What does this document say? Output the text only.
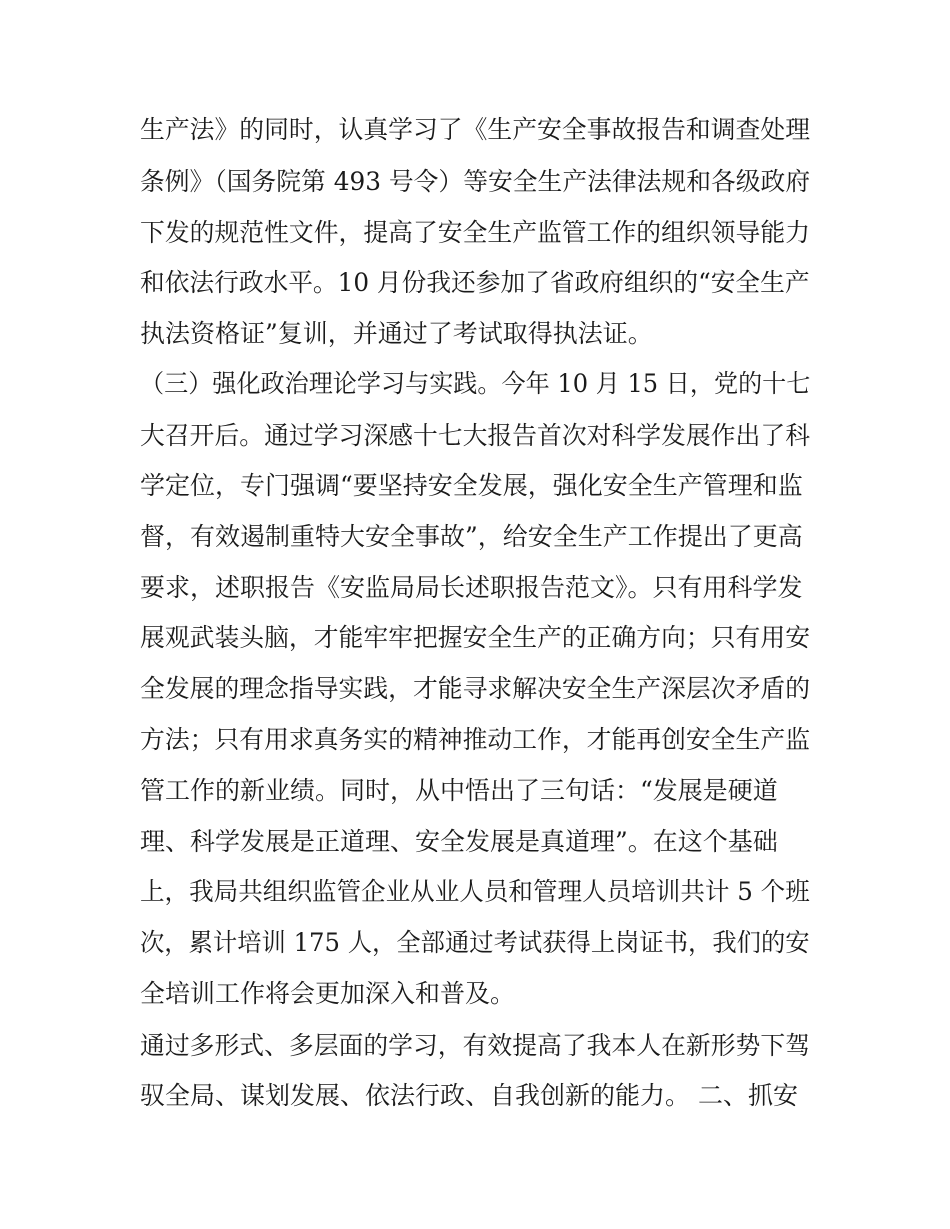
生产法》的同时，认真学习了《生产安全事故报告和调查处理

条例》（国务院第 493 号令）等安全生产法律法规和各级政府

下发的规范性文件，提高了安全生产监管工作的组织领导能力

和依法行政水平。10 月份我还参加了省政府组织的“安全生产

执法资格证”复训，并通过了考试取得执法证。

（三）强化政治理论学习与实践。今年 10 月 15 日，党的十七

大召开后。通过学习深感十七大报告首次对科学发展作出了科

学定位，专门强调“要坚持安全发展，强化安全生产管理和监

督，有效遏制重特大安全事故”，给安全生产工作提出了更高

要求，述职报告《安监局局长述职报告范文》。只有用科学发

展观武装头脑，才能牢牢把握安全生产的正确方向；只有用安

全发展的理念指导实践，才能寻求解决安全生产深层次矛盾的

方法；只有用求真务实的精神推动工作，才能再创安全生产监

管工作的新业绩。同时，从中悟出了三句话：“发展是硬道

理、科学发展是正道理、安全发展是真道理”。在这个基础

上，我局共组织监管企业从业人员和管理人员培训共计 5 个班

次，累计培训 175 人，全部通过考试获得上岗证书，我们的安

全培训工作将会更加深入和普及。

通过多形式、多层面的学习，有效提高了我本人在新形势下驾

驭全局、谋划发展、依法行政、自我创新的能力。 二、抓安
